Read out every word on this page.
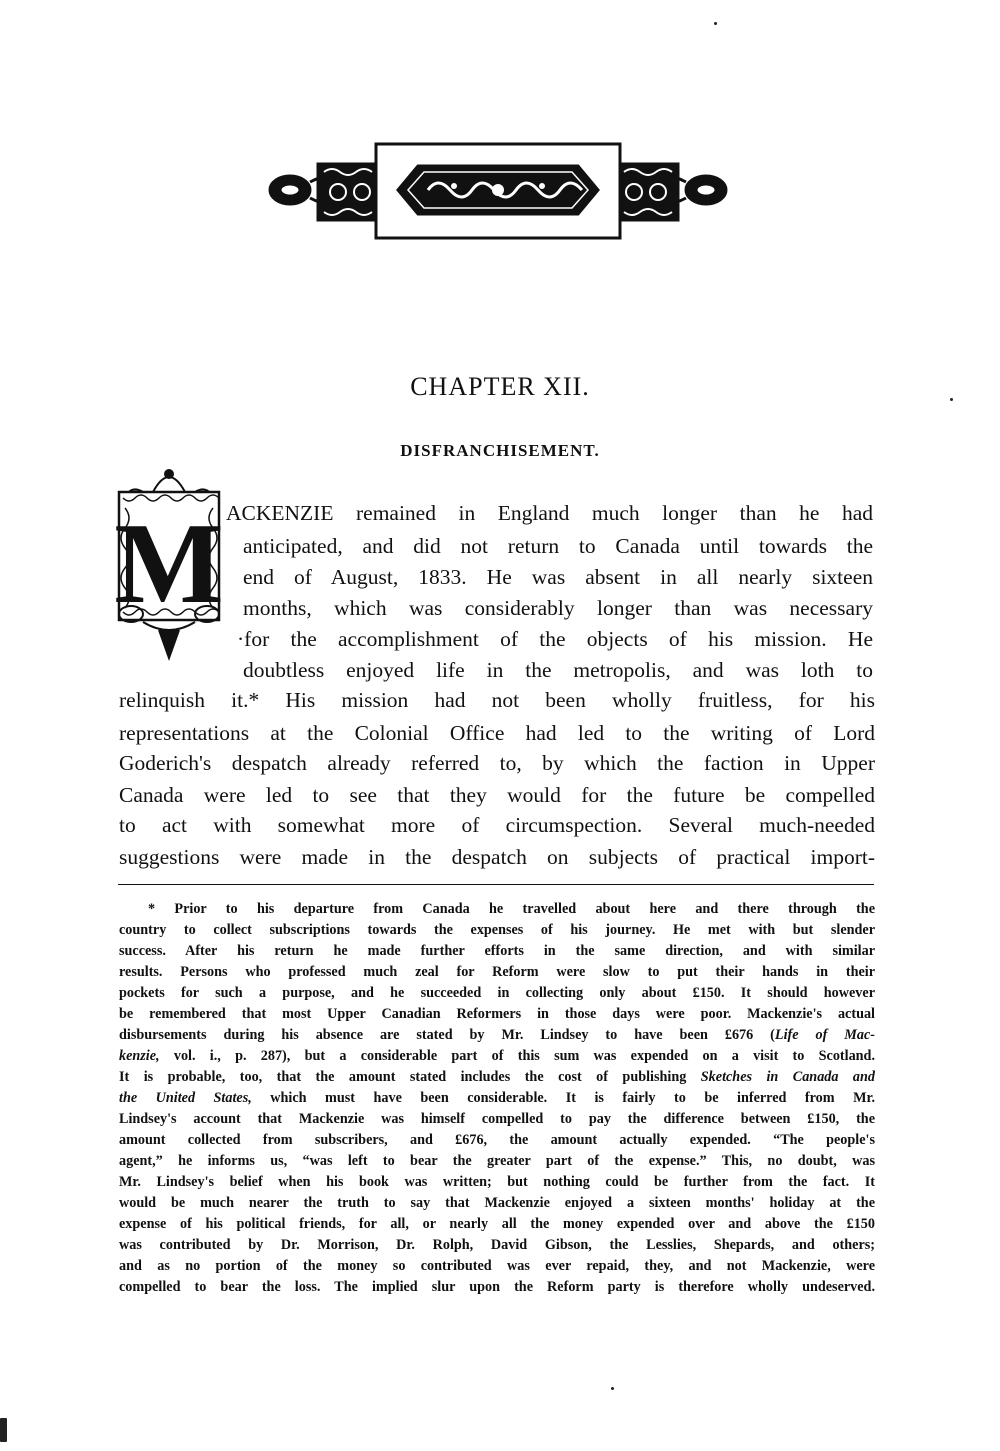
CHAPTER XII.
DISFRANCHISEMENT.
M ACKENZIE remained in England much longer than he had
anticipated, and did not return to Canada until towards the
end of August, 1833. He was absent in all nearly sixteen
months, which was considerably longer than was necessary
·for the accomplishment of the objects of his mission. He
doubtless enjoyed life in the metropolis, and was loth to
relinquish it.* His mission had not been wholly fruitless, for his
representations at the Colonial Office had led to the writing of Lord
Goderich's despatch already referred to, by which the faction in Upper
Canada were led to see that they would for the future be compelled
to act with somewhat more of circumspection. Several much-needed
suggestions were made in the despatch on subjects of practical import-
* Prior to his departure from Canada he travelled about here and there through the
country to collect subscriptions towards the expenses of his journey. He met with but slender
success. After his return he made further efforts in the same direction, and with similar
results. Persons who professed much zeal for Reform were slow to put their hands in their
pockets for such a purpose, and he succeeded in collecting only about £150. It should however
be remembered that most Upper Canadian Reformers in those days were poor. Mackenzie's actual
disbursements during his absence are stated by Mr. Lindsey to have been £676 (Life of Mac-
kenzie, vol. i., p. 287), but a considerable part of this sum was expended on a visit to Scotland.
It is probable, too, that the amount stated includes the cost of publishing Sketches in Canada and
the United States, which must have been considerable. It is fairly to be inferred from Mr.
Lindsey's account that Mackenzie was himself compelled to pay the difference between £150, the
amount collected from subscribers, and £676, the amount actually expended. “The people's
agent,” he informs us, “was left to bear the greater part of the expense.” This, no doubt, was
Mr. Lindsey's belief when his book was written; but nothing could be further from the fact. It
would be much nearer the truth to say that Mackenzie enjoyed a sixteen months' holiday at the
expense of his political friends, for all, or nearly all the money expended over and above the £150
was contributed by Dr. Morrison, Dr. Rolph, David Gibson, the Lesslies, Shepards, and others;
and as no portion of the money so contributed was ever repaid, they, and not Mackenzie, were
compelled to bear the loss. The implied slur upon the Reform party is therefore wholly undeserved.
